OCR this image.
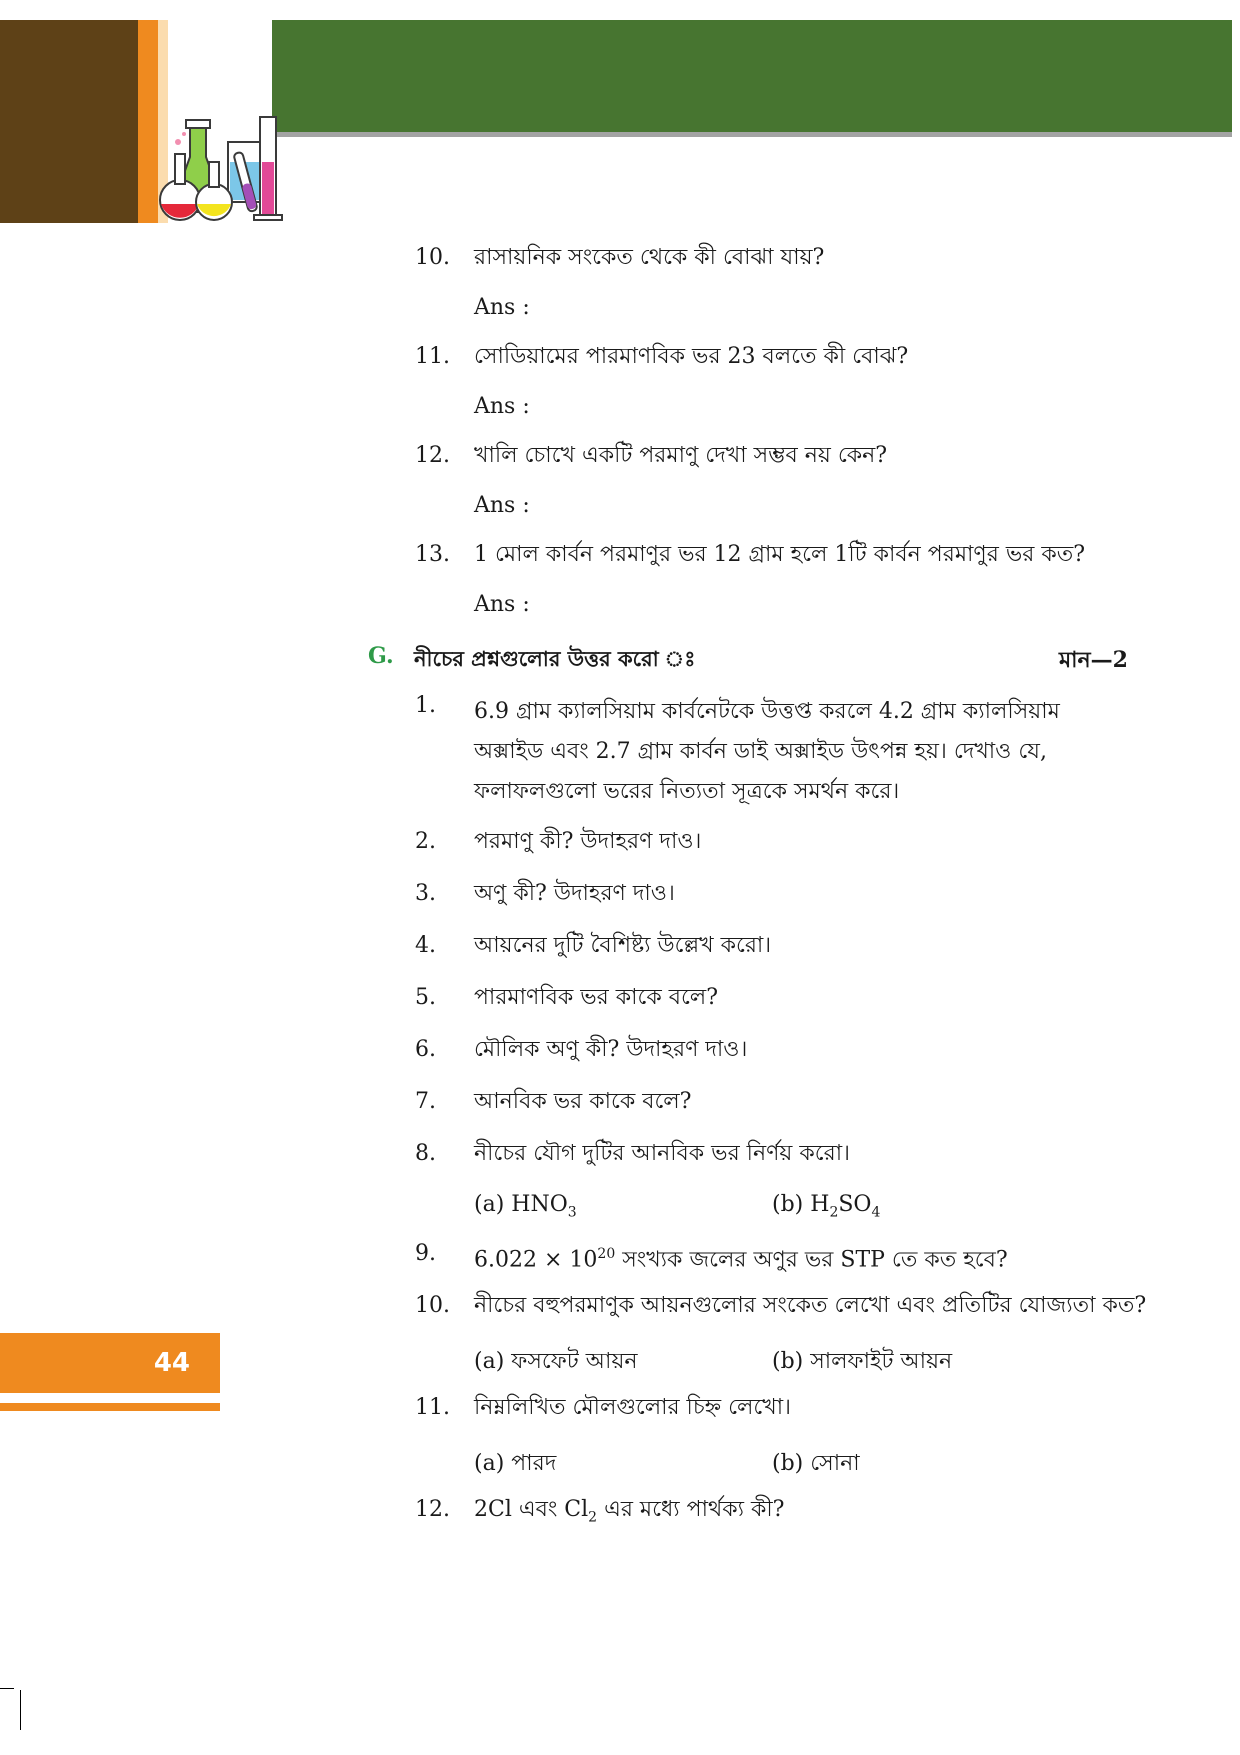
10.	রাসায়নিক সংকেত থেকে কী বোঝা যায়?
Ans :
11.	সোডিয়ামের পারমাণবিক ভর 23 বলতে কী বোঝ?
Ans :
12.	খালি চোখে একটি পরমাণু দেখা সম্ভব নয় কেন?
Ans :
13.	1 মোল কার্বন পরমাণুর ভর 12 গ্রাম হলে 1টি কার্বন পরমাণুর ভর কত?
Ans :
G. নীচের প্রশ্নগুলোর উত্তর করো ঃ	মান—2
1.	6.9 গ্রাম ক্যালসিয়াম কার্বনেটকে উত্তপ্ত করলে 4.2 গ্রাম ক্যালসিয়াম অক্সাইড এবং 2.7 গ্রাম কার্বন ডাই অক্সাইড উৎপন্ন হয়। দেখাও যে, ফলাফলগুলো ভরের নিত্যতা সূত্রকে সমর্থন করে।
2.	পরমাণু কী? উদাহরণ দাও।
3.	অণু কী? উদাহরণ দাও।
4.	আয়নের দুটি বৈশিষ্ট্য উল্লেখ করো।
5.	পারমাণবিক ভর কাকে বলে?
6.	মৌলিক অণু কী? উদাহরণ দাও।
7.	আনবিক ভর কাকে বলে?
8.	নীচের যৌগ দুটির আনবিক ভর নির্ণয় করো।
(a) $HNO_3$	(b) $H_2SO_4$
9.	$6.022 \times 10^{20}$ সংখ্যক জলের অণুর ভর STP তে কত হবে?
10.	নীচের বহুপরমাণুক আয়নগুলোর সংকেত লেখো এবং প্রতিটির যোজ্যতা কত?
(a) ফসফেট আয়ন	(b) সালফাইট আয়ন
11.	নিম্নলিখিত মৌলগুলোর চিহ্ন লেখো।
(a) পারদ	(b) সোনা
12.	2Cl এবং $Cl_2$ এর মধ্যে পার্থক্য কী?
44
